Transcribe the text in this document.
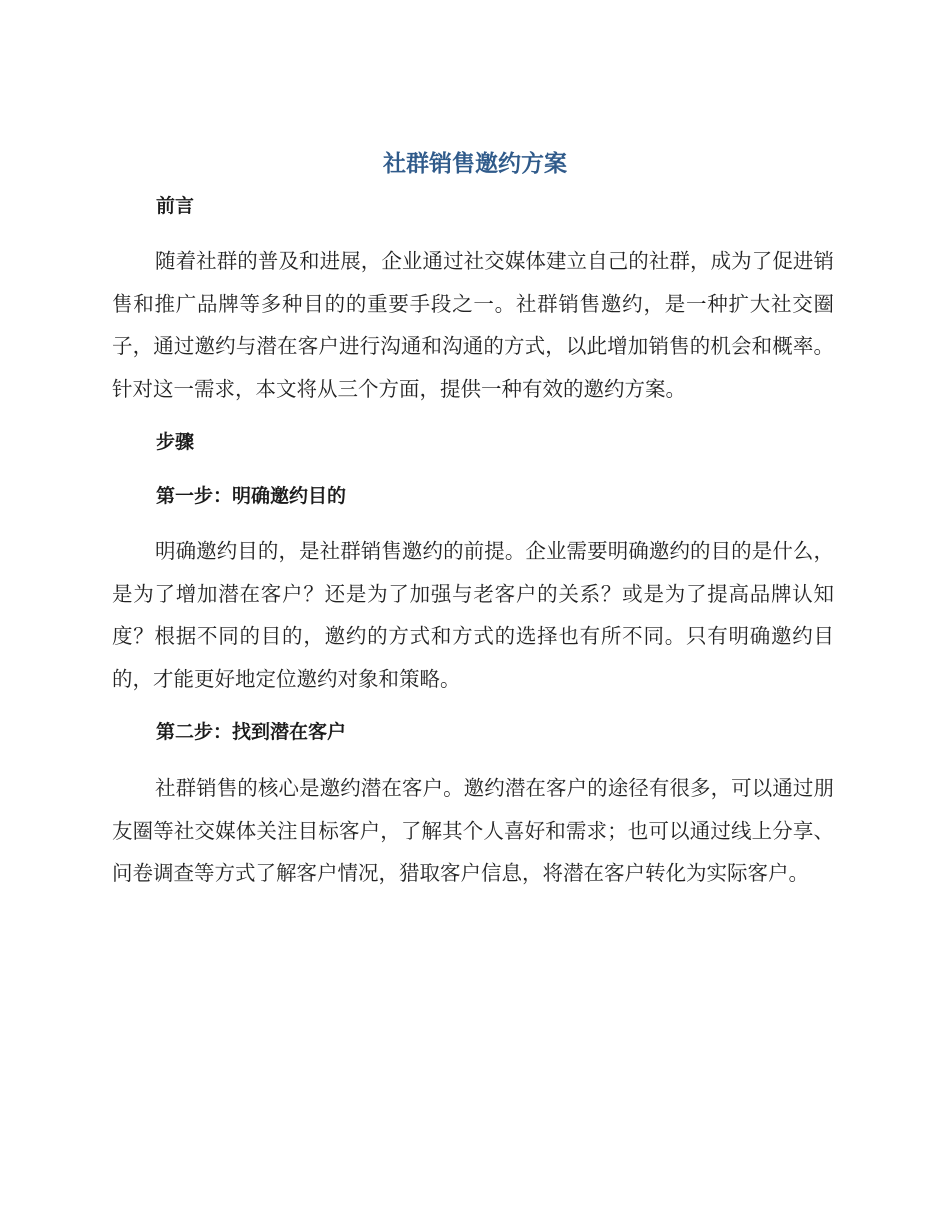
社群销售邀约方案
前言

随着社群的普及和进展，企业通过社交媒体建立自己的社群，成为了促进销售和推广品牌等多种目的的重要手段之一。社群销售邀约，是一种扩大社交圈子，通过邀约与潜在客户进行沟通和沟通的方式，以此增加销售的机会和概率。针对这一需求，本文将从三个方面，提供一种有效的邀约方案。

步骤
第一步：明确邀约目的

明确邀约目的，是社群销售邀约的前提。企业需要明确邀约的目的是什么，是为了增加潜在客户？还是为了加强与老客户的关系？或是为了提高品牌认知度？根据不同的目的，邀约的方式和方式的选择也有所不同。只有明确邀约目的，才能更好地定位邀约对象和策略。

第二步：找到潜在客户

社群销售的核心是邀约潜在客户。邀约潜在客户的途径有很多，可以通过朋友圈等社交媒体关注目标客户，了解其个人喜好和需求；也可以通过线上分享、问卷调查等方式了解客户情况，猎取客户信息，将潜在客户转化为实际客户。
